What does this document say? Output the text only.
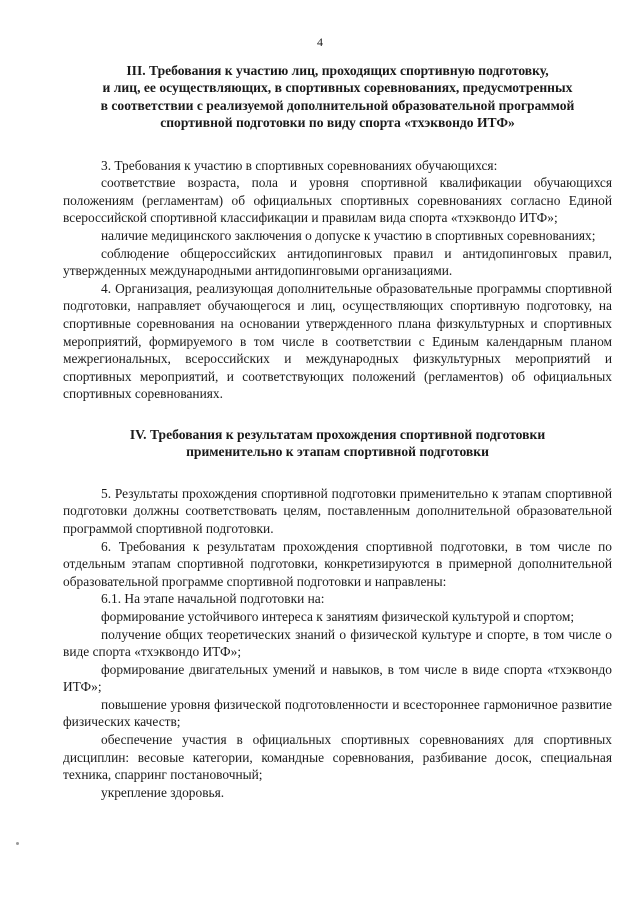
4
III. Требования к участию лиц, проходящих спортивную подготовку,
и лиц, ее осуществляющих, в спортивных соревнованиях, предусмотренных
в соответствии с реализуемой дополнительной образовательной программой
спортивной подготовки по виду спорта «тхэквондо ИТФ»

3. Требования к участию в спортивных соревнованиях обучающихся:

соответствие возраста, пола и уровня спортивной квалификации обучающихся положениям (регламентам) об официальных спортивных соревнованиях согласно Единой всероссийской спортивной классификации и правилам вида спорта «тхэквондо ИТФ»;

наличие медицинского заключения о допуске к участию в спортивных соревнованиях;

соблюдение общероссийских антидопинговых правил и антидопинговых правил, утвержденных международными антидопинговыми организациями.

4. Организация, реализующая дополнительные образовательные программы спортивной подготовки, направляет обучающегося и лиц, осуществляющих спортивную подготовку, на спортивные соревнования на основании утвержденного плана физкультурных и спортивных мероприятий, формируемого в том числе в соответствии с Единым календарным планом межрегиональных, всероссийских и международных физкультурных мероприятий и спортивных мероприятий, и соответствующих положений (регламентов) об официальных спортивных соревнованиях.

IV. Требования к результатам прохождения спортивной подготовки
применительно к этапам спортивной подготовки

5. Результаты прохождения спортивной подготовки применительно к этапам спортивной подготовки должны соответствовать целям, поставленным дополнительной образовательной программой спортивной подготовки.

6. Требования к результатам прохождения спортивной подготовки, в том числе по отдельным этапам спортивной подготовки, конкретизируются в примерной дополнительной образовательной программе спортивной подготовки и направлены:

6.1. На этапе начальной подготовки на:

формирование устойчивого интереса к занятиям физической культурой и спортом;

получение общих теоретических знаний о физической культуре и спорте, в том числе о виде спорта «тхэквондо ИТФ»;

формирование двигательных умений и навыков, в том числе в виде спорта «тхэквондо ИТФ»;

повышение уровня физической подготовленности и всестороннее гармоничное развитие физических качеств;

обеспечение участия в официальных спортивных соревнованиях для спортивных дисциплин: весовые категории, командные соревнования, разбивание досок, специальная техника, спарринг постановочный;

укрепление здоровья.
